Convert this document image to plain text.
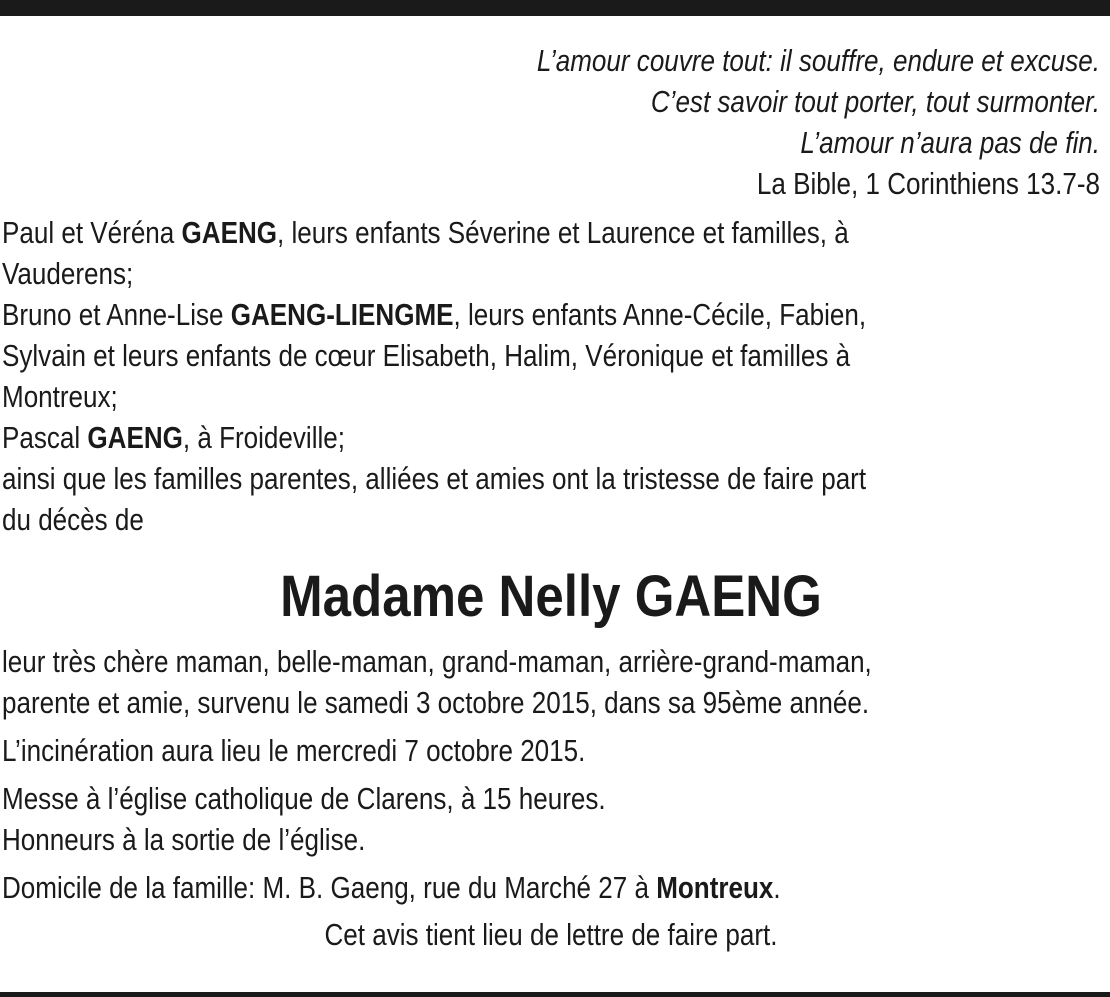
L’amour couvre tout: il souffre, endure et excuse.
C’est savoir tout porter, tout surmonter.
L’amour n’aura pas de fin.
La Bible, 1 Corinthiens 13.7-8
Paul et Véréna GAENG, leurs enfants Séverine et Laurence et familles, à
Vauderens;
Bruno et Anne-Lise GAENG-LIENGME, leurs enfants Anne-Cécile, Fabien,
Sylvain et leurs enfants de cœur Elisabeth, Halim, Véronique et familles à
Montreux;
Pascal GAENG, à Froideville;
ainsi que les familles parentes, alliées et amies ont la tristesse de faire part
du décès de
Madame Nelly GAENG
leur très chère maman, belle-maman, grand-maman, arrière-grand-maman,
parente et amie, survenu le samedi 3 octobre 2015, dans sa 95ème année.
L’incinération aura lieu le mercredi 7 octobre 2015.
Messe à l’église catholique de Clarens, à 15 heures.
Honneurs à la sortie de l’église.
Domicile de la famille: M. B. Gaeng, rue du Marché 27 à Montreux.
Cet avis tient lieu de lettre de faire part.
